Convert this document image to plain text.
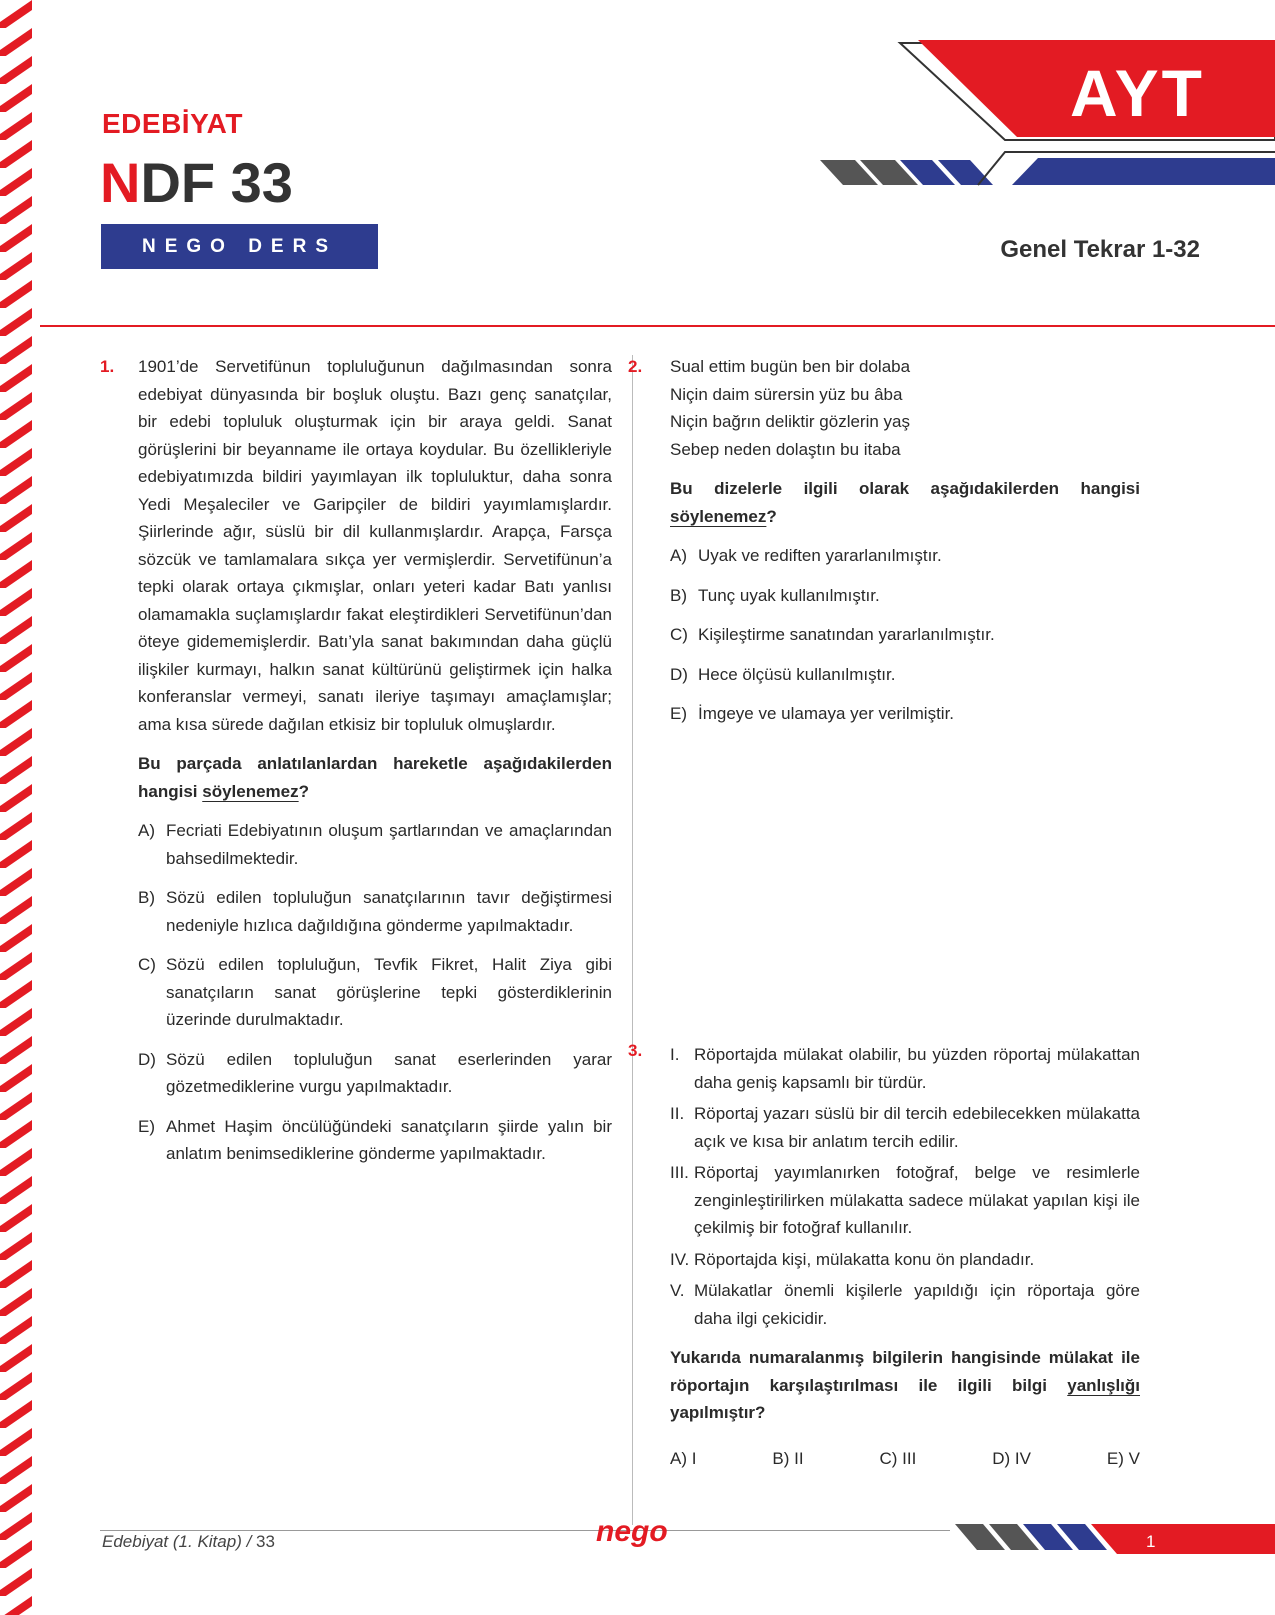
EDEBİYAT
NDF 33
NEGO DERS FÖYÜ
AYT
Genel Tekrar 1-32
1. 1901’de Servetifünun topluluğunun dağılmasından sonra edebiyat dünyasında bir boşluk oluştu. Bazı genç sanatçılar, bir edebi topluluk oluşturmak için bir araya geldi. Sanat görüşlerini bir beyanname ile ortaya koydular. Bu özellikleriyle edebiyatımızda bildiri yayımlayan ilk topluluktur, daha sonra Yedi Meşaleciler ve Garipçiler de bildiri yayımlamışlardır. Şiirlerinde ağır, süslü bir dil kullanmışlardır. Arapça, Farsça sözcük ve tamlamalara sıkça yer vermişlerdir. Servetifünun’a tepki olarak ortaya çıkmışlar, onları yeteri kadar Batı yanlısı olamamakla suçlamışlardır fakat eleştirdikleri Servetifünun’dan öteye gidememişlerdir. Batı’yla sanat bakımından daha güçlü ilişkiler kurmayı, halkın sanat kültürünü geliştirmek için halka konferanslar vermeyi, sanatı ileriye taşımayı amaçlamışlar; ama kısa sürede dağılan etkisiz bir topluluk olmuşlardır.
Bu parçada anlatılanlardan hareketle aşağıdakilerden hangisi söylenemez?
A) Fecriati Edebiyatının oluşum şartlarından ve amaçlarından bahsedilmektedir.
B) Sözü edilen topluluğun sanatçılarının tavır değiştirmesi nedeniyle hızlıca dağıldığına gönderme yapılmaktadır.
C) Sözü edilen topluluğun, Tevfik Fikret, Halit Ziya gibi sanatçıların sanat görüşlerine tepki gösterdiklerinin üzerinde durulmaktadır.
D) Sözü edilen topluluğun sanat eserlerinden yarar gözetmediklerine vurgu yapılmaktadır.
E) Ahmet Haşim öncülüğündeki sanatçıların şiirde yalın bir anlatım benimsediklerine gönderme yapılmaktadır.
2. Sual ettim bugün ben bir dolaba
Niçin daim sürersin yüz bu âba
Niçin bağrın deliktir gözlerin yaş
Sebep neden dolaştın bu itaba
Bu dizelerle ilgili olarak aşağıdakilerden hangisi söylenemez?
A) Uyak ve rediften yararlanılmıştır.
B) Tunç uyak kullanılmıştır.
C) Kişileştirme sanatından yararlanılmıştır.
D) Hece ölçüsü kullanılmıştır.
E) İmgeye ve ulamaya yer verilmiştir.
3. I. Röportajda mülakat olabilir, bu yüzden röportaj mülakattan daha geniş kapsamlı bir türdür.
II. Röportaj yazarı süslü bir dil tercih edebilecekken mülakatta açık ve kısa bir anlatım tercih edilir.
III. Röportaj yayımlanırken fotoğraf, belge ve resimlerle zenginleştirilirken mülakatta sadece mülakat yapılan kişi ile çekilmiş bir fotoğraf kullanılır.
IV. Röportajda kişi, mülakatta konu ön plandadır.
V. Mülakatlar önemli kişilerle yapıldığı için röportaja göre daha ilgi çekicidir.
Yukarıda numaralanmış bilgilerin hangisinde mülakat ile röportajın karşılaştırılması ile ilgili bilgi yanlışlığı yapılmıştır?
A) I	B) II	C) III	D) IV	E) V
Edebiyat (1. Kitap) / 33	nego	1
